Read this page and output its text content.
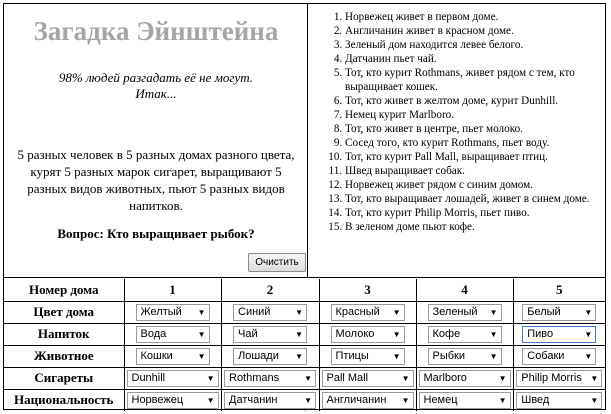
Загадка Эйнштейна
98% людей разгадать её не могут.
Итак...
5 разных человек в 5 разных домах разного цвета, курят 5 разных марок сигарет, выращивают 5 разных видов животных, пьют 5 разных видов напитков.
Вопрос: Кто выращивает рыбок?
Очистить
1. Норвежец живет в первом доме.
2. Англичанин живет в красном доме.
3. Зеленый дом находится левее белого.
4. Датчанин пьет чай.
5. Тот, кто курит Rothmans, живет рядом с тем, кто выращивает кошек.
6. Тот, кто живет в желтом доме, курит Dunhill.
7. Немец курит Marlboro.
8. Тот, кто живет в центре, пьет молоко.
9. Сосед того, кто курит Rothmans, пьет воду.
10. Тот, кто курит Pall Mall, выращивает птиц.
11. Швед выращивает собак.
12. Норвежец живет рядом с синим домом.
13. Тот, кто выращивает лошадей, живет в синем доме.
14. Тот, кто курит Philip Morris, пьет пиво.
15. В зеленом доме пьют кофе.
Номер дома	1	2	3	4	5
Цвет дома	Желтый ▼	Синий ▼	Красный ▼	Зеленый ▼	Белый ▼

Напиток	Вода ▼	Чай ▼	Молоко ▼	Кофе ▼	Пиво ▼

Животное	Кошки ▼	Лошади ▼	Птицы ▼	Рыбки ▼	Собаки ▼

Сигареты	Dunhill ▼	Rothmans ▼	Pall Mall ▼	Marlboro ▼	Philip Morris ▼

Национальность	Норвежец ▼	Датчанин ▼	Англичанин ▼	Немец ▼	Швед ▼
○
